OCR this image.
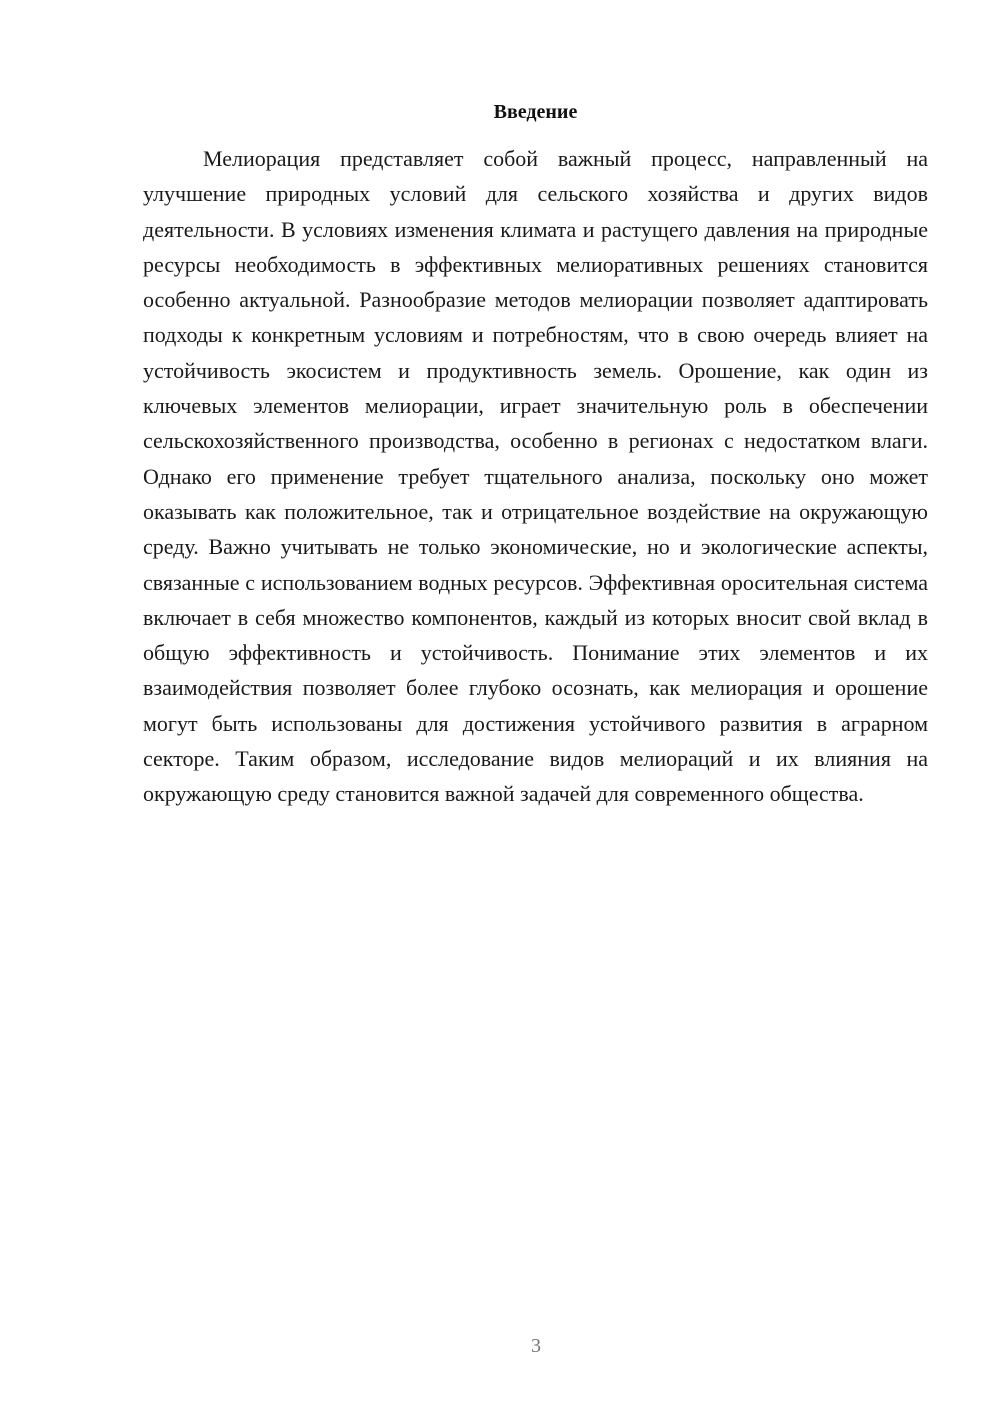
Введение

Мелиорация представляет собой важный процесс, направленный на улучшение природных условий для сельского хозяйства и других видов деятельности. В условиях изменения климата и растущего давления на природные ресурсы необходимость в эффективных мелиоративных решениях становится особенно актуальной. Разнообразие методов мелиорации позволяет адаптировать подходы к конкретным условиям и потребностям, что в свою очередь влияет на устойчивость экосистем и продуктивность земель. Орошение, как один из ключевых элементов мелиорации, играет значительную роль в обеспечении сельскохозяйственного производства, особенно в регионах с недостатком влаги. Однако его применение требует тщательного анализа, поскольку оно может оказывать как положительное, так и отрицательное воздействие на окружающую среду. Важно учитывать не только экономические, но и экологические аспекты, связанные с использованием водных ресурсов. Эффективная оросительная система включает в себя множество компонентов, каждый из которых вносит свой вклад в общую эффективность и устойчивость. Понимание этих элементов и их взаимодействия позволяет более глубоко осознать, как мелиорация и орошение могут быть использованы для достижения устойчивого развития в аграрном секторе. Таким образом, исследование видов мелиораций и их влияния на окружающую среду становится важной задачей для современного общества.

3
